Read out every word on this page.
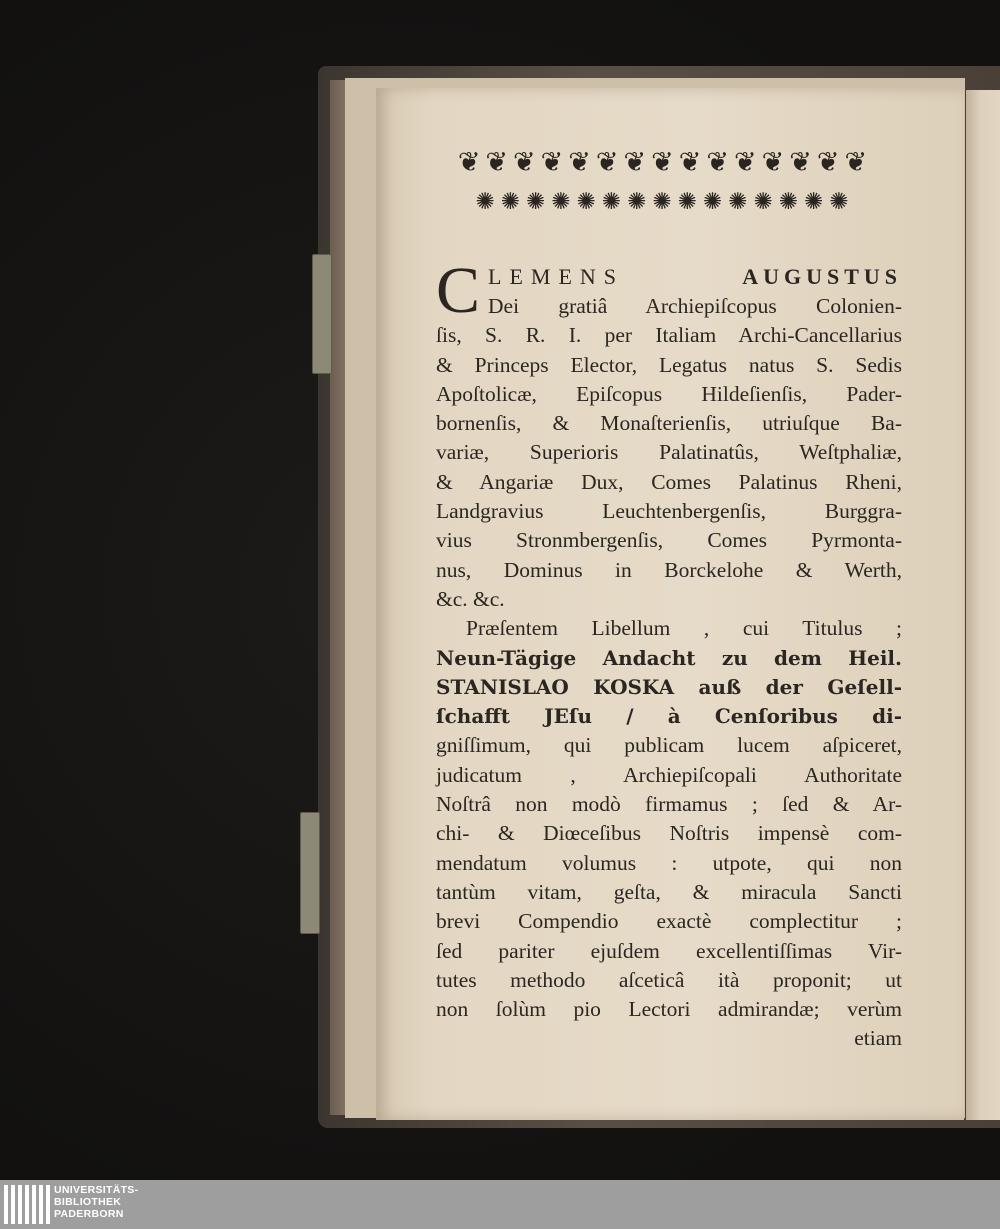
❦❦❦❦❦❦❦❦❦❦❦❦❦❦❦
✺✺✺✺✺✺✺✺✺✺✺✺✺✺✺
C LEMENS	AUGUSTUS
Dei gratiâ Archiepiſcopus Colonien-
ſis, S. R. I. per Italiam Archi-Cancellarius
& Princeps Elector, Legatus natus S. Sedis
Apoſtolicæ, Epiſcopus Hildeſienſis, Pader-
bornenſis, & Monaſterienſis, utriuſque Ba-
variæ, Superioris Palatinatûs, Weſtphaliæ,
& Angariæ Dux, Comes Palatinus Rheni,
Landgravius Leuchtenbergenſis, Burggra-
vius Stronmbergenſis, Comes Pyrmonta-
nus, Dominus in Borckelohe & Werth,
&c. &c.
Præſentem Libellum , cui Titulus ;
Neun-Tägige Andacht zu dem Heil.
STANISLAO KOSKA auß der Geſell-
ſchafft JEſu / à Cenſoribus di-
gniſſimum, qui publicam lucem aſpiceret,
judicatum , Archiepiſcopali Authoritate
Noſtrâ non modò firmamus ; ſed & Ar-
chi- & Diœceſibus Noſtris impensè com-
mendatum volumus : utpote, qui non
tantùm vitam, geſta, & miracula Sancti
brevi Compendio exactè complectitur ;
ſed pariter ejuſdem excellentiſſimas Vir-
tutes methodo aſceticâ ità proponit; ut
non ſolùm pio Lectori admirandæ; verùm
etiam
UNIVERSITÄTS-
BIBLIOTHEK
PADERBORN
